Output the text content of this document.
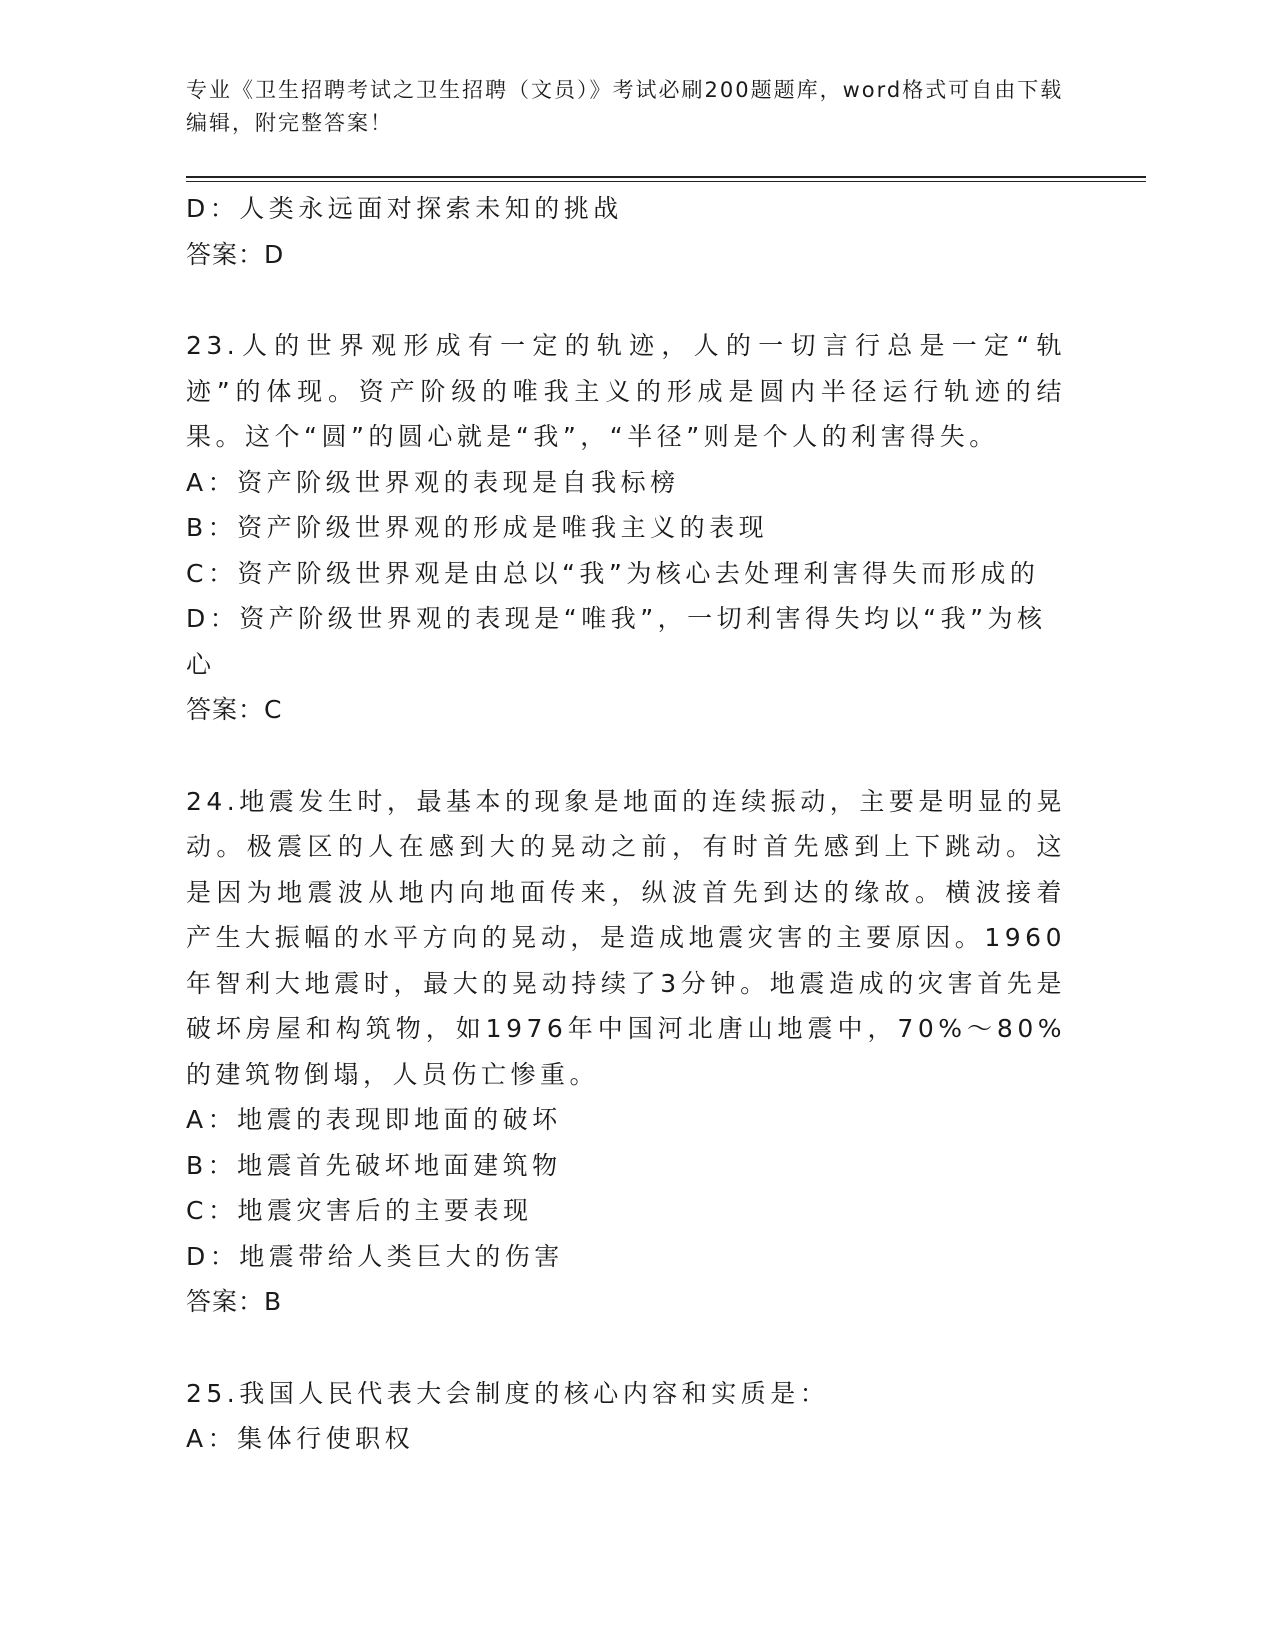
专业《卫生招聘考试之卫生招聘（文员）》考试必刷200题题库，word格式可自由下载编辑，附完整答案！
D：人类永远面对探索未知的挑战
答案：D
23.人的世界观形成有一定的轨迹，人的一切言行总是一定“轨迹”的体现。资产阶级的唯我主义的形成是圆内半径运行轨迹的结果。这个“圆”的圆心就是“我”，“半径”则是个人的利害得失。
A：资产阶级世界观的表现是自我标榜
B：资产阶级世界观的形成是唯我主义的表现
C：资产阶级世界观是由总以“我”为核心去处理利害得失而形成的
D：资产阶级世界观的表现是“唯我”，一切利害得失均以“我”为核心
答案：C
24.地震发生时，最基本的现象是地面的连续振动，主要是明显的晃动。极震区的人在感到大的晃动之前，有时首先感到上下跳动。这是因为地震波从地内向地面传来，纵波首先到达的缘故。横波接着产生大振幅的水平方向的晃动，是造成地震灾害的主要原因。1960年智利大地震时，最大的晃动持续了3分钟。地震造成的灾害首先是破坏房屋和构筑物，如1976年中国河北唐山地震中，70%～80%的建筑物倒塌，人员伤亡惨重。
A：地震的表现即地面的破坏
B：地震首先破坏地面建筑物
C：地震灾害后的主要表现
D：地震带给人类巨大的伤害
答案：B
25.我国人民代表大会制度的核心内容和实质是：
A：集体行使职权
